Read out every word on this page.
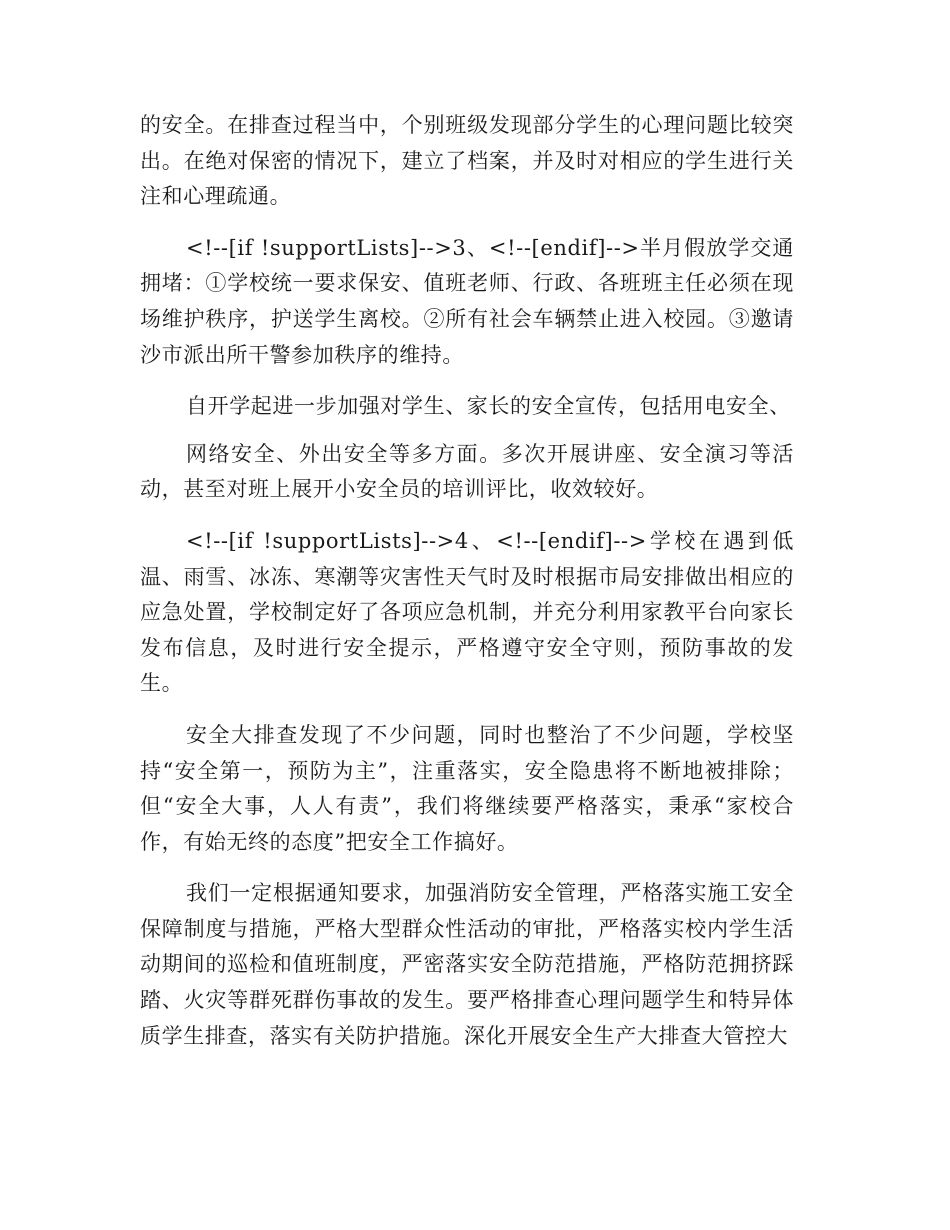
的安全。在排查过程当中，个别班级发现部分学生的心理问题比较突出。在绝对保密的情况下，建立了档案，并及时对相应的学生进行关注和心理疏通。

<!--[if !supportLists]-->3、<!--[endif]-->半月假放学交通拥堵：①学校统一要求保安、值班老师、行政、各班班主任必须在现场维护秩序，护送学生离校。②所有社会车辆禁止进入校园。③邀请沙市派出所干警参加秩序的维持。

自开学起进一步加强对学生、家长的安全宣传，包括用电安全、

网络安全、外出安全等多方面。多次开展讲座、安全演习等活动，甚至对班上展开小安全员的培训评比，收效较好。

<!--[if !supportLists]-->4、<!--[endif]-->学校在遇到低温、雨雪、冰冻、寒潮等灾害性天气时及时根据市局安排做出相应的应急处置，学校制定好了各项应急机制，并充分利用家教平台向家长发布信息，及时进行安全提示，严格遵守安全守则，预防事故的发生。

安全大排查发现了不少问题，同时也整治了不少问题，学校坚持“安全第一，预防为主”，注重落实，安全隐患将不断地被排除；但“安全大事，人人有责”，我们将继续要严格落实，秉承“家校合作，有始无终的态度”把安全工作搞好。

我们一定根据通知要求，加强消防安全管理，严格落实施工安全保障制度与措施，严格大型群众性活动的审批，严格落实校内学生活动期间的巡检和值班制度，严密落实安全防范措施，严格防范拥挤踩踏、火灾等群死群伤事故的发生。要严格排查心理问题学生和特异体质学生排查，落实有关防护措施。深化开展安全生产大排查大管控大
